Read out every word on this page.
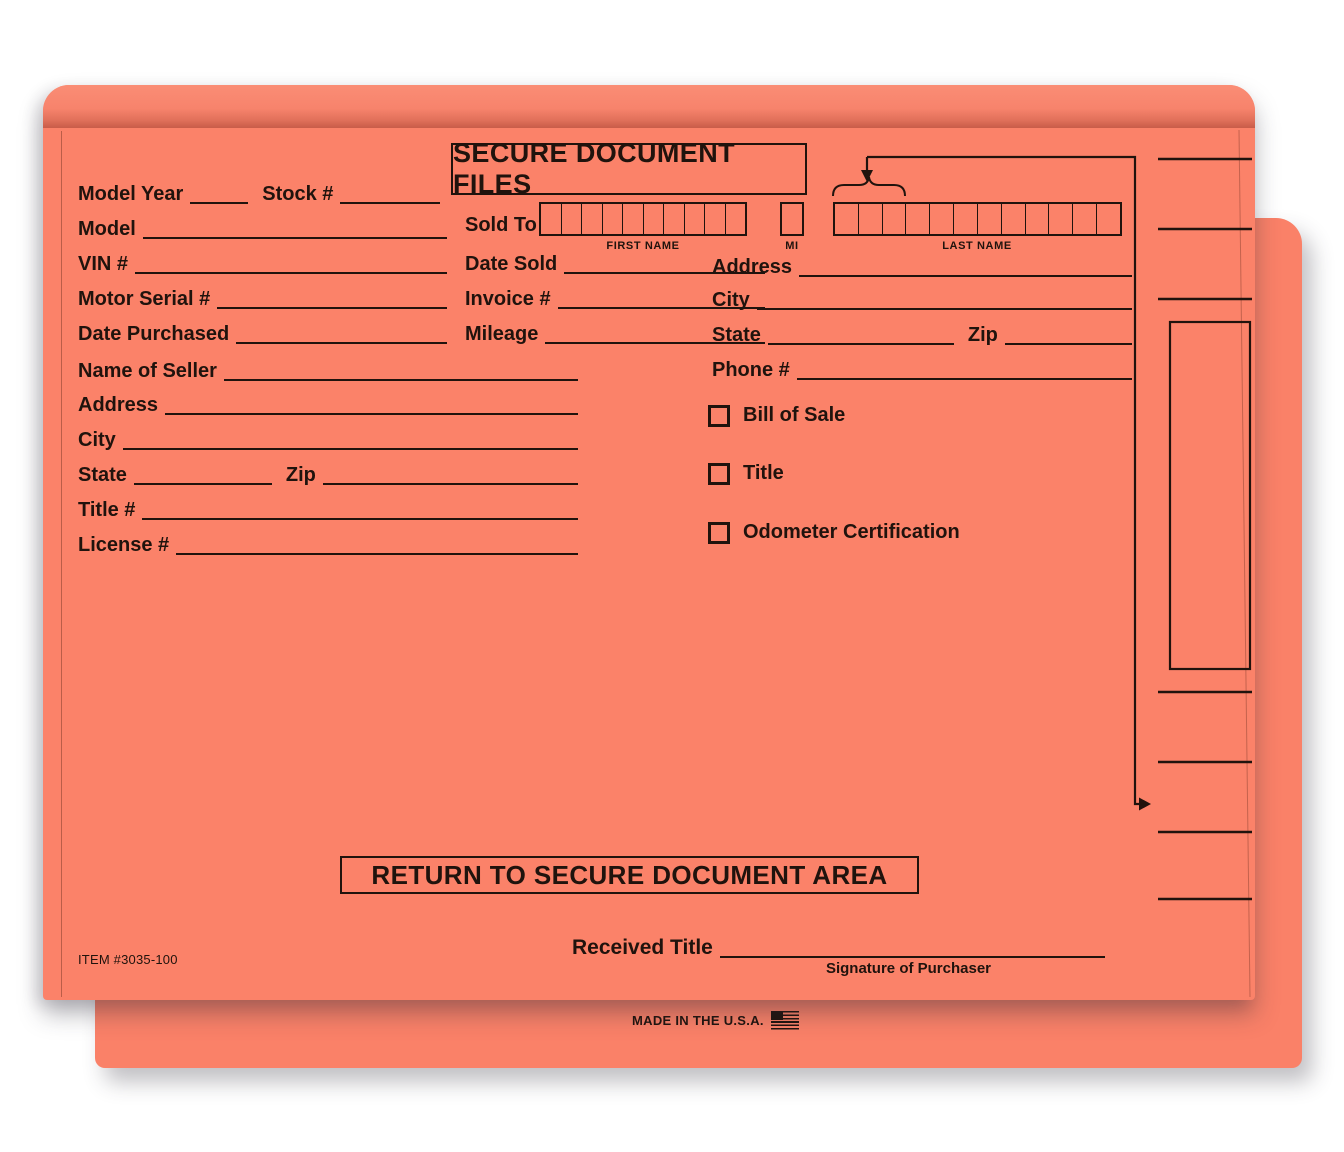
MADE IN THE U.S.A.
SECURE DOCUMENT FILES
Model Year	Stock #
Model
VIN #
Motor Serial #
Date Purchased
Name of Seller
Address
City
State	Zip
Title #
License #
Sold To
FIRST NAME	MI	LAST NAME
Date Sold
Invoice #
Mileage
Address
City
State	Zip
Phone #
Bill of Sale
Title
Odometer Certification
RETURN TO SECURE DOCUMENT AREA
Received Title
Signature of Purchaser
ITEM #3035-100
